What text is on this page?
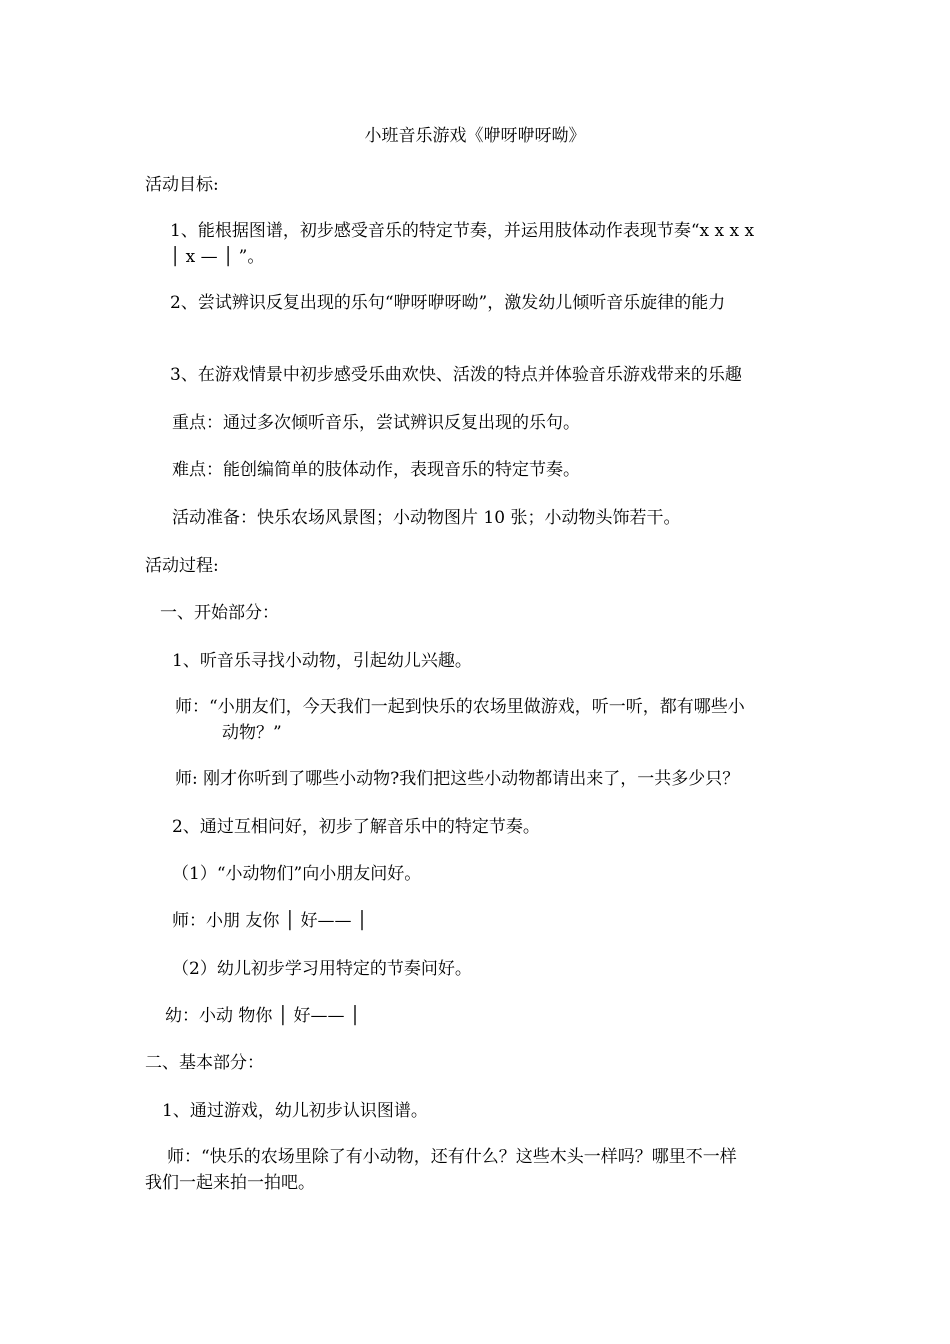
小班音乐游戏《咿呀咿呀呦》
活动目标:
1、能根据图谱，初步感受音乐的特定节奏，并运用肢体动作表现节奏“x x x x
│ x — │ ”。
2、尝试辨识反复出现的乐句“咿呀咿呀呦”，激发幼儿倾听音乐旋律的能力
3、在游戏情景中初步感受乐曲欢快、活泼的特点并体验音乐游戏带来的乐趣
重点：通过多次倾听音乐，尝试辨识反复出现的乐句。
难点：能创编简单的肢体动作，表现音乐的特定节奏。
活动准备：快乐农场风景图；小动物图片 10 张；小动物头饰若干。
活动过程:
一、开始部分：
1、听音乐寻找小动物，引起幼儿兴趣。
师：“小朋友们，今天我们一起到快乐的农场里做游戏，听一听，都有哪些小
动物？”
师: 刚才你听到了哪些小动物?我们把这些小动物都请出来了，一共多少只？
2、通过互相问好，初步了解音乐中的特定节奏。
（1）“小动物们”向小朋友问好。
师：小朋 友你 │ 好—— │
（2）幼儿初步学习用特定的节奏问好。
幼：小动 物你 │ 好—— │
二、基本部分：
1、通过游戏，幼儿初步认识图谱。
师：“快乐的农场里除了有小动物，还有什么？这些木头一样吗？哪里不一样
我们一起来拍一拍吧。
